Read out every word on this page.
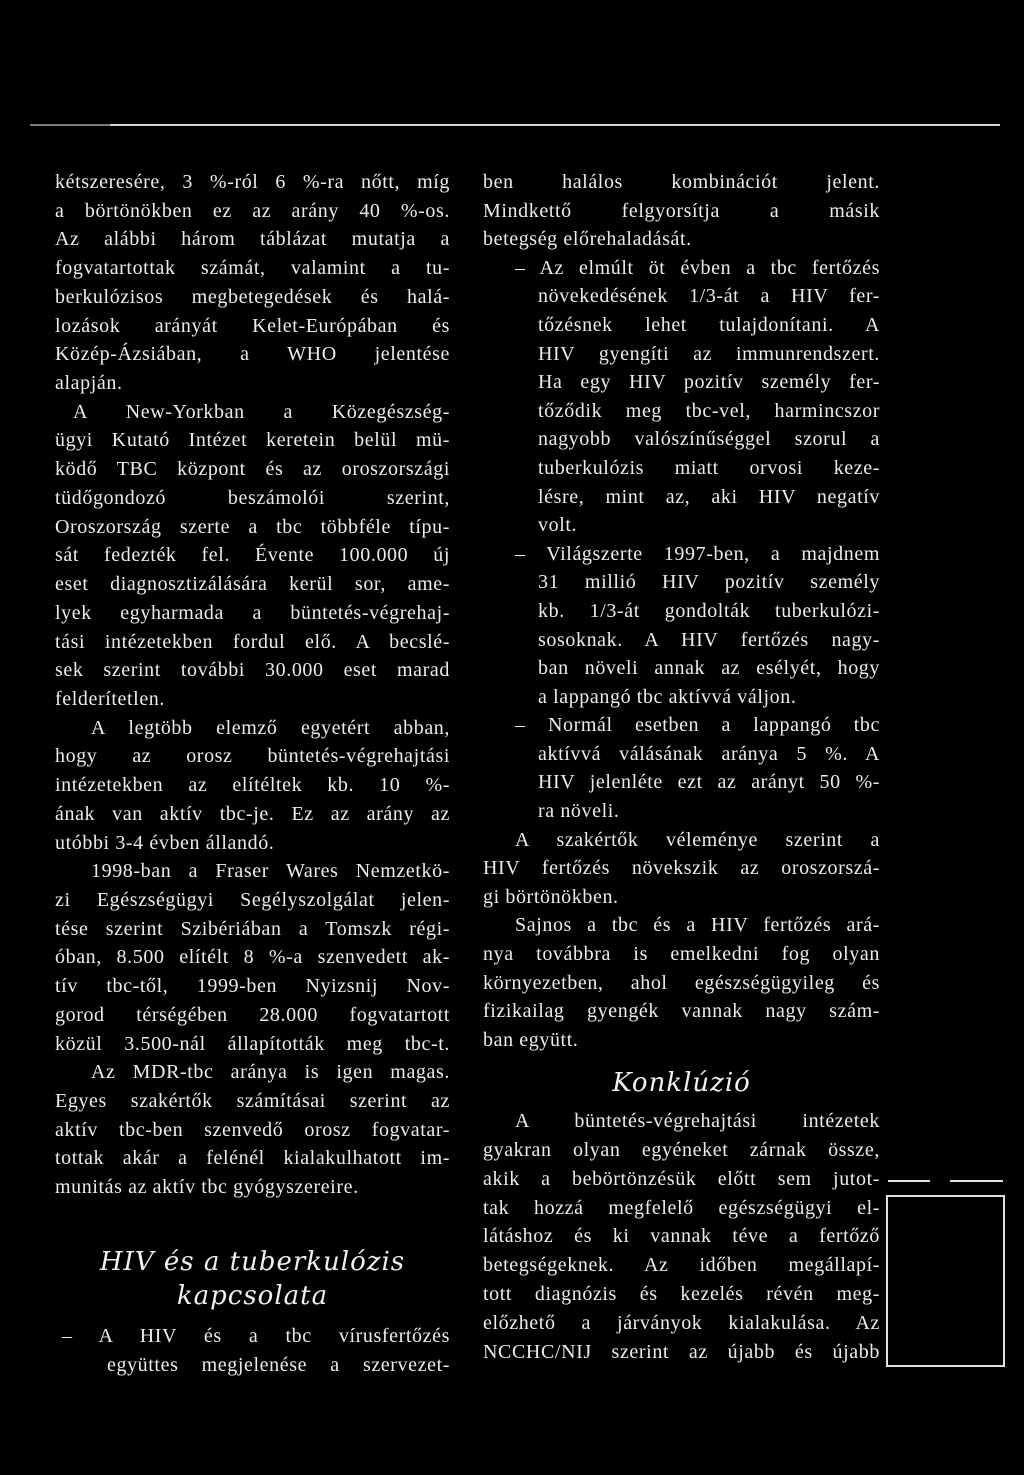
kétszeresére, 3 %-ról 6 %-ra nőtt, míg
a börtönökben ez az arány 40 %-os.
Az alábbi három táblázat mutatja a
fogvatartottak számát, valamint a tu-
berkulózisos megbetegedések és halá-
lozások arányát Kelet-Európában és
Közép-Ázsiában, a WHO jelentése
alapján.
A New-Yorkban a Közegészség-
ügyi Kutató Intézet keretein belül mü-
ködő TBC központ és az oroszországi
tüdőgondozó beszámolói szerint,
Oroszország szerte a tbc többféle típu-
sát fedezték fel. Évente 100.000 új
eset diagnosztizálására kerül sor, ame-
lyek egyharmada a büntetés-végrehaj-
tási intézetekben fordul elő. A becslé-
sek szerint további 30.000 eset marad
felderítetlen.
A legtöbb elemző egyetért abban,
hogy az orosz büntetés-végrehajtási
intézetekben az elítéltek kb. 10 %-
ának van aktív tbc-je. Ez az arány az
utóbbi 3-4 évben állandó.
1998-ban a Fraser Wares Nemzetkö-
zi Egészségügyi Segélyszolgálat jelen-
tése szerint Szibériában a Tomszk régi-
óban, 8.500 elítélt 8 %-a szenvedett ak-
tív tbc-től, 1999-ben Nyizsnij Nov-
gorod térségében 28.000 fogvatartott
közül 3.500-nál állapították meg tbc-t.
Az MDR-tbc aránya is igen magas.
Egyes szakértők számításai szerint az
aktív tbc-ben szenvedő orosz fogvatar-
tottak akár a felénél kialakulhatott im-
munitás az aktív tbc gyógyszereire.
HIV és a tuberkulózis
kapcsolata
– A HIV és a tbc vírusfertőzés
együttes megjelenése a szervezet-
ben halálos kombinációt jelent.
Mindkettő felgyorsítja a másik
betegség előrehaladását.
– Az elmúlt öt évben a tbc fertőzés
növekedésének 1/3-át a HIV fer-
tőzésnek lehet tulajdonítani. A
HIV gyengíti az immunrendszert.
Ha egy HIV pozitív személy fer-
tőződik meg tbc-vel, harmincszor
nagyobb valószínűséggel szorul a
tuberkulózis miatt orvosi keze-
lésre, mint az, aki HIV negatív
volt.
– Világszerte 1997-ben, a majdnem
31 millió HIV pozitív személy
kb. 1/3-át gondolták tuberkulózi-
sosoknak. A HIV fertőzés nagy-
ban növeli annak az esélyét, hogy
a lappangó tbc aktívvá váljon.
– Normál esetben a lappangó tbc
aktívvá válásának aránya 5 %. A
HIV jelenléte ezt az arányt 50 %-
ra növeli.
A szakértők véleménye szerint a
HIV fertőzés növekszik az oroszorszá-
gi börtönökben.
Sajnos a tbc és a HIV fertőzés ará-
nya továbbra is emelkedni fog olyan
környezetben, ahol egészségügyileg és
fizikailag gyengék vannak nagy szám-
ban együtt.
Konklúzió
A büntetés-végrehajtási intézetek
gyakran olyan egyéneket zárnak össze,
akik a bebörtönzésük előtt sem jutot-
tak hozzá megfelelő egészségügyi el-
látáshoz és ki vannak téve a fertőző
betegségeknek. Az időben megállapí-
tott diagnózis és kezelés révén meg-
előzhető a járványok kialakulása. Az
NCCHC/NIJ szerint az újabb és újabb
